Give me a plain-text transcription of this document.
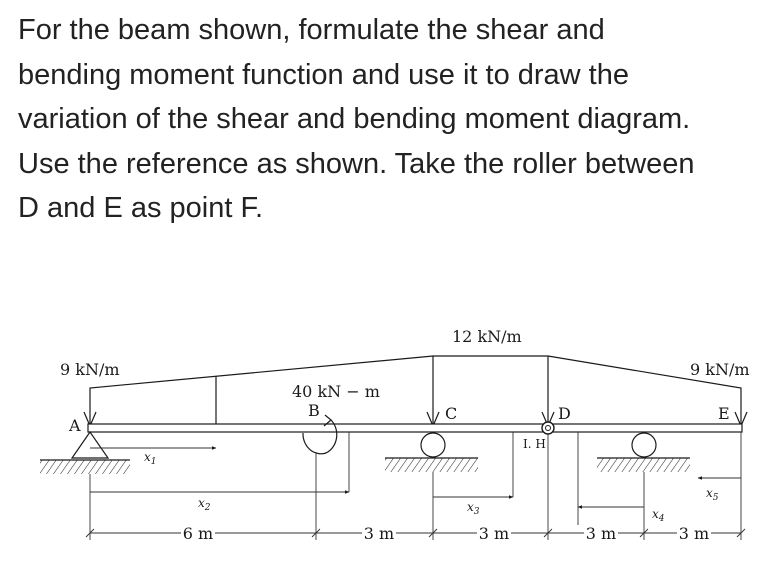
For the beam shown, formulate the shear and
bending moment function and use it to draw the
variation of the shear and bending moment diagram.
Use the reference as shown. Take the roller between
D and E as point F.
9 kN/m
12 kN/m
9 kN/m
40 kN − m
A
B	C	D	E
I. H
$x_1$
$x_2$	$x_3$	$x_4$
$x_5$
6 m	3 m	3 m	3 m	3 m
